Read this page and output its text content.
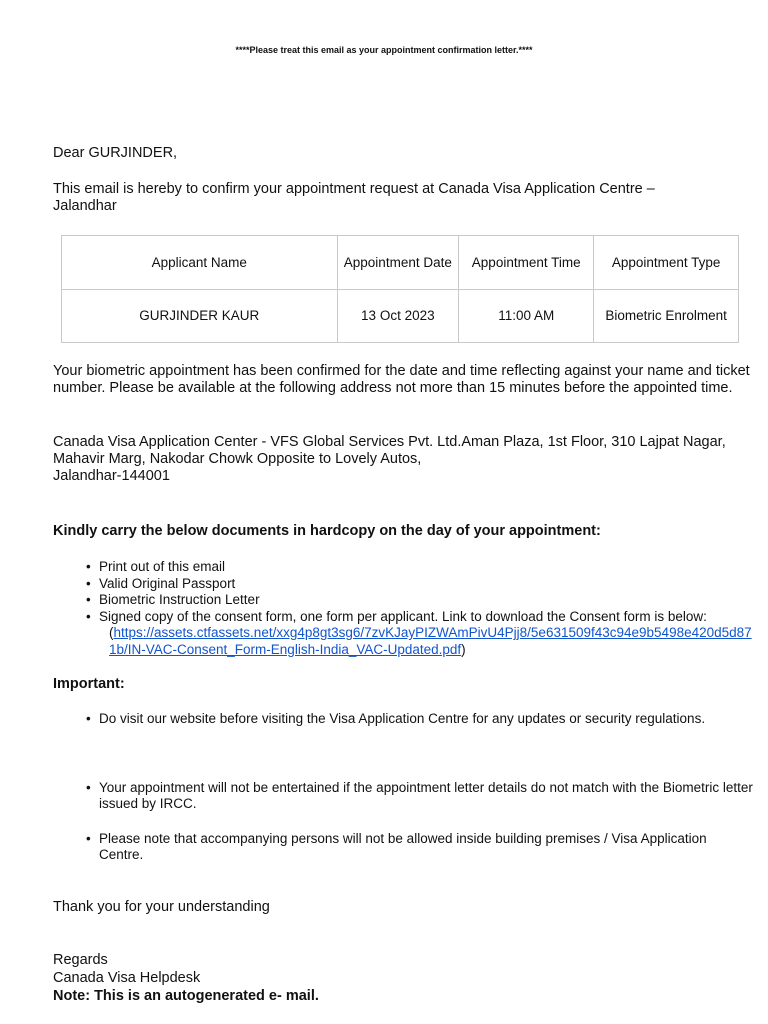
****Please treat this email as your appointment confirmation letter.****
Dear GURJINDER,
This email is hereby to confirm your appointment request at Canada Visa Application Centre – Jalandhar
Applicant Name	Appointment Date	Appointment Time	Appointment Type
GURJINDER KAUR	13 Oct 2023	11:00 AM	Biometric Enrolment
Your biometric appointment has been confirmed for the date and time reflecting against your name and ticket number. Please be available at the following address not more than 15 minutes before the appointed time.
Canada Visa Application Center - VFS Global Services Pvt. Ltd.Aman Plaza, 1st Floor, 310 Lajpat Nagar,
Mahavir Marg, Nakodar Chowk Opposite to Lovely Autos,
Jalandhar-144001
Kindly carry the below documents in hardcopy on the day of your appointment:
• Print out of this email
• Valid Original Passport
• Biometric Instruction Letter
• Signed copy of the consent form, one form per applicant. Link to download the Consent form is below:
(https://assets.ctfassets.net/xxg4p8gt3sg6/7zvKJayPIZWAmPivU4Pjj8/5e631509f43c94e9b5498e420d5d871b/IN-VAC-Consent_Form-English-India_VAC-Updated.pdf)
Important:
• Do visit our website before visiting the Visa Application Centre for any updates or security regulations.
• Your appointment will not be entertained if the appointment letter details do not match with the Biometric letter issued by IRCC.
• Please note that accompanying persons will not be allowed inside building premises / Visa Application Centre.
Thank you for your understanding
Regards
Canada Visa Helpdesk
Note: This is an autogenerated e- mail.
